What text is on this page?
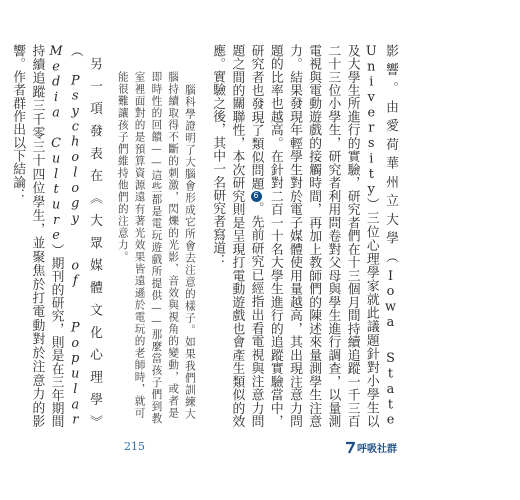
影響。由愛荷華州立大學（Iowa State University）三位心理學家就此議題針對小學生以及大學生所進行的實驗，研究者們在十三個月間持續追蹤一千三百二十三位小學生，研究者利用問卷對父母與學生進行調查，以量測電視與電動遊戲的接觸時間，再加上教師們的陳述來量測學生注意力。結果發現年輕學生對於電子媒體使用量越高，其出現注意力問題的比率也越高。在針對二百一十名大學生進行的追蹤實驗當中，研究者也發現了類似問題6。先前研究已經指出看電視與注意力問題之間的關聯性，本次研究則是呈現打電動遊戲也會產生類似的效應。實驗之後，其中一名研究者寫道：

腦科學證明了大腦會形成它所會去注意的樣子。如果我們訓練大腦持續取得不斷的刺激，閃爍的光影、音效與視角的變動，或者是即時性的回饋——這些都是電玩遊戲所提供——那麼當孩子們到教室裡面對的是預算資源遠有著光效果皆遠遜於電玩的老師時，就可能很難讓孩子們維持他們的注意力。

另一項發表在《大眾媒體文化心理學》（Psychology of Popular Media Culture）期刊的研究，則是在三年期間持續追蹤三千零三十四位學生，並聚焦於打電動對於注意力的影響。作者群作出以下結論：

215	呼吸社群
